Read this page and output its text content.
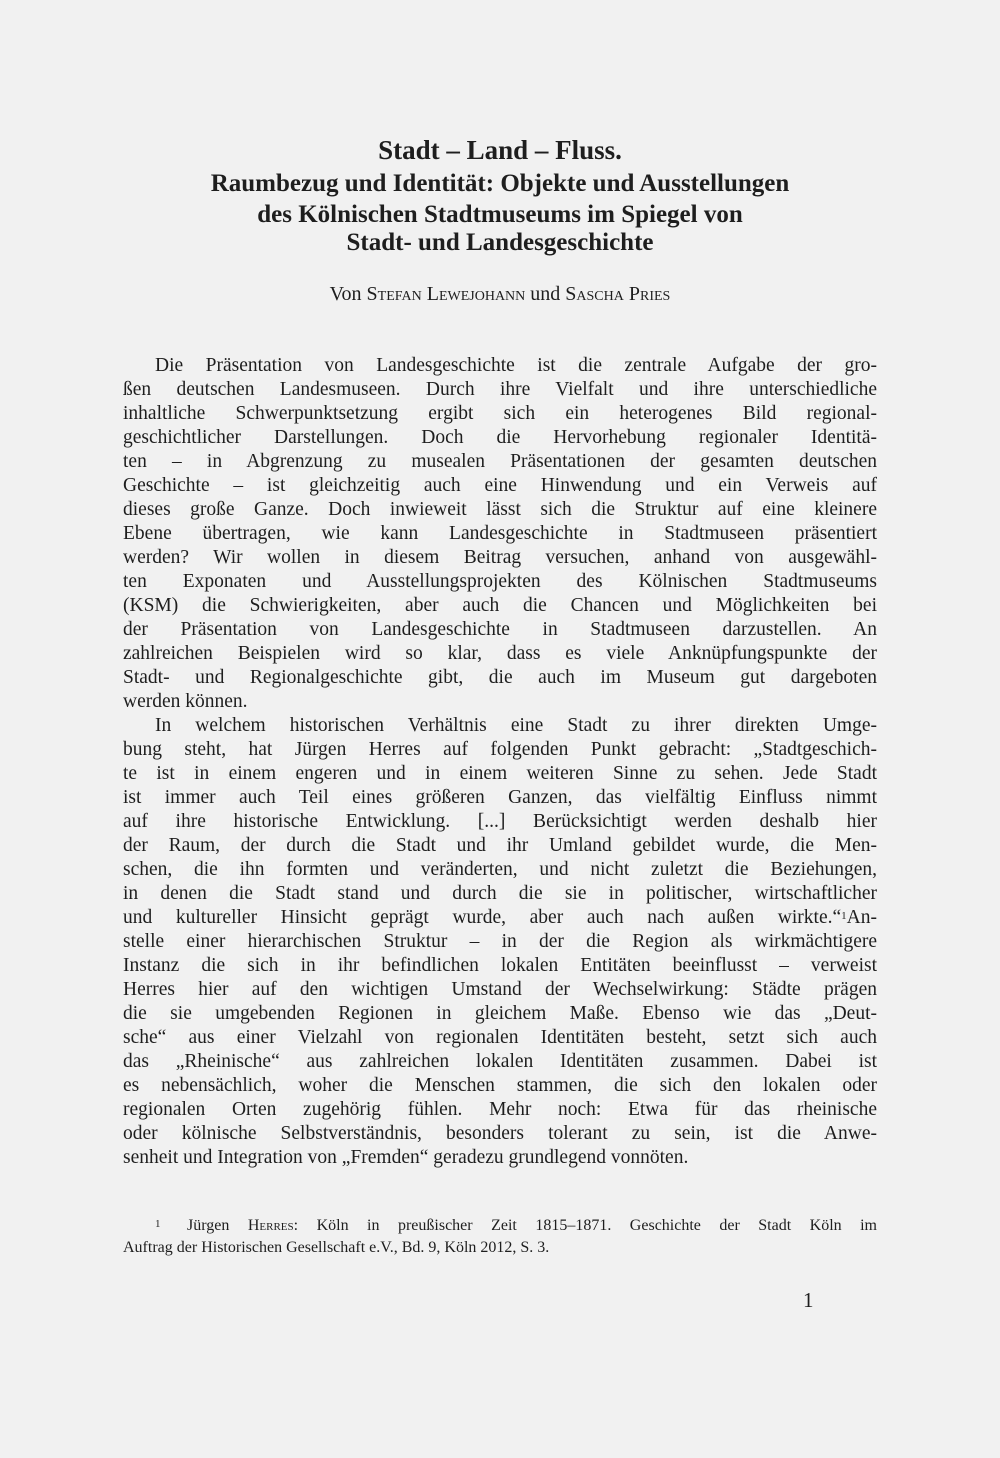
Stadt – Land – Fluss.
Raumbezug und Identität: Objekte und Ausstellungen
des Kölnischen Stadtmuseums im Spiegel von
Stadt- und Landesgeschichte
Von Stefan Lewejohann und Sascha Pries
Die Präsentation von Landesgeschichte ist die zentrale Aufgabe der gro-
ßen deutschen Landesmuseen. Durch ihre Vielfalt und ihre unterschiedliche
inhaltliche Schwerpunktsetzung ergibt sich ein heterogenes Bild regional-
geschichtlicher Darstellungen. Doch die Hervorhebung regionaler Identitä-
ten – in Abgrenzung zu musealen Präsentationen der gesamten deutschen
Geschichte – ist gleichzeitig auch eine Hinwendung und ein Verweis auf
dieses große Ganze. Doch inwieweit lässt sich die Struktur auf eine kleinere
Ebene übertragen, wie kann Landesgeschichte in Stadtmuseen präsentiert
werden? Wir wollen in diesem Beitrag versuchen, anhand von ausgewähl-
ten Exponaten und Ausstellungsprojekten des Kölnischen Stadtmuseums
(KSM) die Schwierigkeiten, aber auch die Chancen und Möglichkeiten bei
der Präsentation von Landesgeschichte in Stadtmuseen darzustellen. An
zahlreichen Beispielen wird so klar, dass es viele Anknüpfungspunkte der
Stadt- und Regionalgeschichte gibt, die auch im Museum gut dargeboten
werden können.
In welchem historischen Verhältnis eine Stadt zu ihrer direkten Umge-
bung steht, hat Jürgen Herres auf folgenden Punkt gebracht: „Stadtgeschich-
te ist in einem engeren und in einem weiteren Sinne zu sehen. Jede Stadt
ist immer auch Teil eines größeren Ganzen, das vielfältig Einfluss nimmt
auf ihre historische Entwicklung. [...] Berücksichtigt werden deshalb hier
der Raum, der durch die Stadt und ihr Umland gebildet wurde, die Men-
schen, die ihn formten und veränderten, und nicht zuletzt die Beziehungen,
in denen die Stadt stand und durch die sie in politischer, wirtschaftlicher
und kultureller Hinsicht geprägt wurde, aber auch nach außen wirkte.“$^1$An-
stelle einer hierarchischen Struktur – in der die Region als wirkmächtigere
Instanz die sich in ihr befindlichen lokalen Entitäten beeinflusst – verweist
Herres hier auf den wichtigen Umstand der Wechselwirkung: Städte prägen
die sie umgebenden Regionen in gleichem Maße. Ebenso wie das „Deut-
sche“ aus einer Vielzahl von regionalen Identitäten besteht, setzt sich auch
das „Rheinische“ aus zahlreichen lokalen Identitäten zusammen. Dabei ist
es nebensächlich, woher die Menschen stammen, die sich den lokalen oder
regionalen Orten zugehörig fühlen. Mehr noch: Etwa für das rheinische
oder kölnische Selbstverständnis, besonders tolerant zu sein, ist die Anwe-
senheit und Integration von „Fremden“ geradezu grundlegend vonnöten.
1 Jürgen Herres: Köln in preußischer Zeit 1815–1871. Geschichte der Stadt Köln im
Auftrag der Historischen Gesellschaft e.V., Bd. 9, Köln 2012, S. 3.
1
